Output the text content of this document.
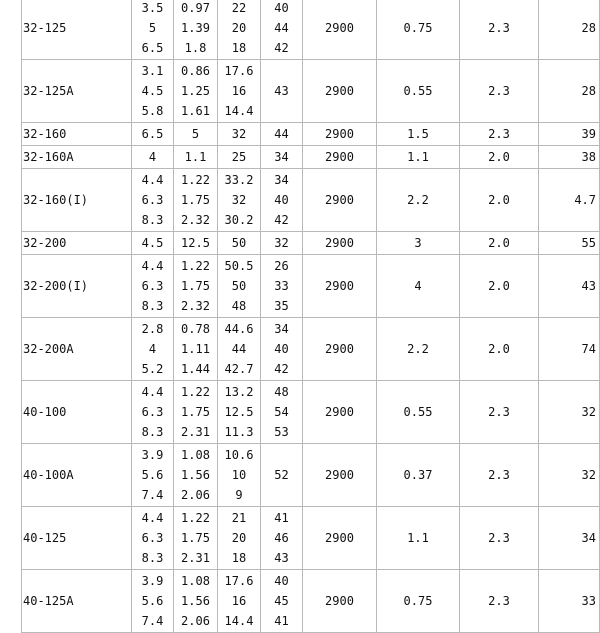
32-125	3.5
5
6.5	0.97
1.39
1.8	22
20
18	40
44
42	2900	0.75	2.3	28

32-125A	3.1
4.5
5.8	0.86
1.25
1.61	17.6
16
14.4	43	2900	0.55	2.3	28

32-160	6.5	5	32	44	2900	1.5	2.3	39

32-160A	4	1.1	25	34	2900	1.1	2.0	38

32-160(I)	4.4
6.3
8.3	1.22
1.75
2.32	33.2
32
30.2	34
40
42	2900	2.2	2.0	4.7

32-200	4.5	12.5	50	32	2900	3	2.0	55

32-200(I)	4.4
6.3
8.3	1.22
1.75
2.32	50.5
50
48	26
33
35	2900	4	2.0	43

32-200A	2.8
4
5.2	0.78
1.11
1.44	44.6
44
42.7	34
40
42	2900	2.2	2.0	74

40-100	4.4
6.3
8.3	1.22
1.75
2.31	13.2
12.5
11.3	48
54
53	2900	0.55	2.3	32

40-100A	3.9
5.6
7.4	1.08
1.56
2.06	10.6
10
9	52	2900	0.37	2.3	32

40-125	4.4
6.3
8.3	1.22
1.75
2.31	21
20
18	41
46
43	2900	1.1	2.3	34

40-125A	3.9
5.6
7.4	1.08
1.56
2.06	17.6
16
14.4	40
45
41	2900	0.75	2.3	33
